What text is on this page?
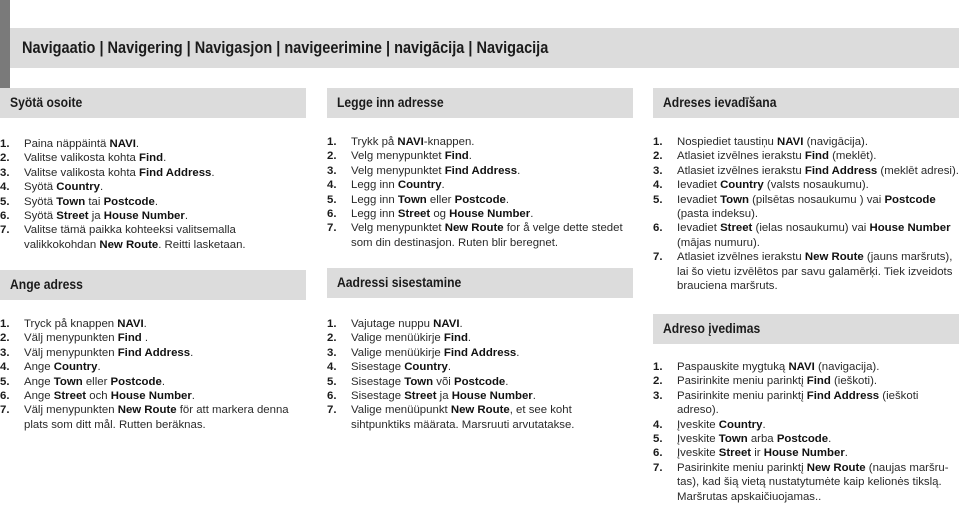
Navigaatio | Navigering | Navigasjon | navigeerimine | navigācija | Navigacija
Syötä osoite
1. Paina näppäintä NAVI.
2. Valitse valikosta kohta Find.
3. Valitse valikosta kohta Find Address.
4. Syötä Country.
5. Syötä Town tai Postcode.
6. Syötä Street ja House Number.
7. Valitse tämä paikka kohteeksi valitsemalla valikkokohdan New Route. Reitti lasketaan.
Ange adress
1. Tryck på knappen NAVI.
2. Välj menypunkten Find .
3. Välj menypunkten Find Address.
4. Ange Country.
5. Ange Town eller Postcode.
6. Ange Street och House Number.
7. Välj menypunkten New Route för att markera denna plats som ditt mål. Rutten beräknas.
Legge inn adresse
1. Trykk på NAVI-knappen.
2. Velg menypunktet Find.
3. Velg menypunktet Find Address.
4. Legg inn Country.
5. Legg inn Town eller Postcode.
6. Legg inn Street og House Number.
7. Velg menypunktet New Route for å velge dette stedet som din destinasjon. Ruten blir beregnet.
Aadressi sisestamine
1. Vajutage nuppu NAVI.
2. Valige menüükirje Find.
3. Valige menüükirje Find Address.
4. Sisestage Country.
5. Sisestage Town või Postcode.
6. Sisestage Street ja House Number.
7. Valige menüüpunkt New Route, et see koht sihtpunktiks määrata. Marsruuti arvutatakse.
Adreses ievadīšana
1. Nospiediet taustiņu NAVI (navigācija).
2. Atlasiet izvēlnes ierakstu Find (meklēt).
3. Atlasiet izvēlnes ierakstu Find Address (meklēt adresi).
4. Ievadiet Country (valsts nosaukumu).
5. Ievadiet Town (pilsētas nosaukumu ) vai Postcode (pasta indeksu).
6. Ievadiet Street (ielas nosaukumu) vai House Number (mājas numuru).
7. Atlasiet izvēlnes ierakstu New Route (jauns maršruts), lai šo vietu izvēlētos par savu galamērķi. Tiek izveidots brauciena maršruts.
Adreso įvedimas
1. Paspauskite mygtuką NAVI (navigacija).
2. Pasirinkite meniu parinktį Find (ieškoti).
3. Pasirinkite meniu parinktį Find Address (ieškoti adreso).
4. Įveskite Country.
5. Įveskite Town arba Postcode.
6. Įveskite Street ir House Number.
7. Pasirinkite meniu parinktį New Route (naujas maršru-tas), kad šią vietą nustatytumėte kaip kelionės tikslą. Maršrutas apskaičiuojamas..
